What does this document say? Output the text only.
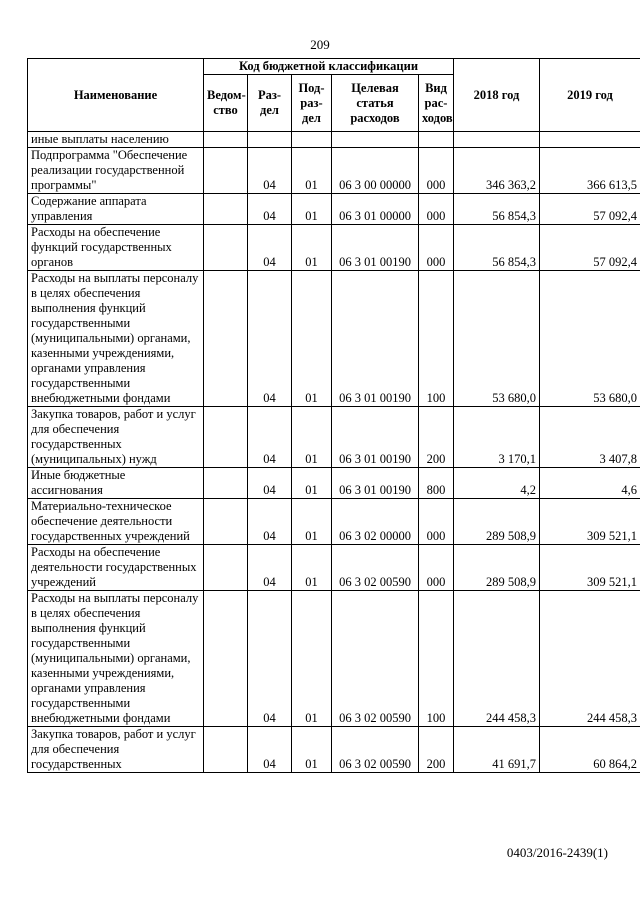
209
Наименование	Код бюджетной классификации					2018 год	2019 год
	Ведом-ство	Раз-дел	Под-раз-дел	Целевая статья расходов	Вид рас-ходов		
иные выплаты населению							
Подпрограмма "Обеспечение реализации государственной программы"		04	01	06 3 00 00000	000	346 363,2	366 613,5
Содержание аппарата управления		04	01	06 3 01 00000	000	56 854,3	57 092,4
Расходы на обеспечение функций государственных органов		04	01	06 3 01 00190	000	56 854,3	57 092,4
Расходы на выплаты персоналу в целях обеспечения выполнения функций государственными (муниципальными) органами, казенными учреждениями, органами управления государственными внебюджетными фондами		04	01	06 3 01 00190	100	53 680,0	53 680,0
Закупка товаров, работ и услуг для обеспечения государственных (муниципальных) нужд		04	01	06 3 01 00190	200	3 170,1	3 407,8
Иные бюджетные ассигнования		04	01	06 3 01 00190	800	4,2	4,6
Материально-техническое обеспечение деятельности государственных учреждений		04	01	06 3 02 00000	000	289 508,9	309 521,1
Расходы на обеспечение деятельности государственных учреждений		04	01	06 3 02 00590	000	289 508,9	309 521,1
Расходы на выплаты персоналу в целях обеспечения выполнения функций государственными (муниципальными) органами, казенными учреждениями, органами управления государственными внебюджетными фондами		04	01	06 3 02 00590	100	244 458,3	244 458,3
Закупка товаров, работ и услуг для обеспечения государственных		04	01	06 3 02 00590	200	41 691,7	60 864,2
0403/2016-2439(1)
